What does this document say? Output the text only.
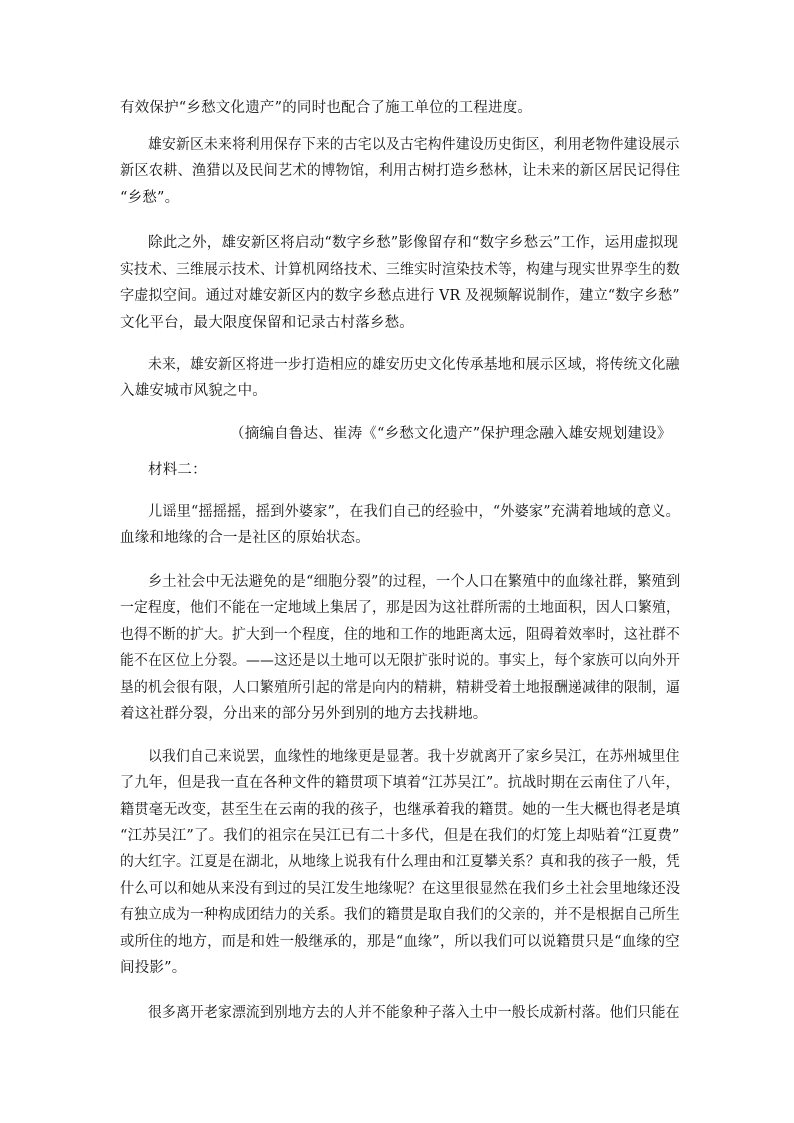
有效保护“乡愁文化遗产”的同时也配合了施工单位的工程进度。
雄安新区未来将利用保存下来的古宅以及古宅构件建设历史街区，利用老物件建设展示
新区农耕、渔猎以及民间艺术的博物馆，利用古树打造乡愁林，让未来的新区居民记得住
“乡愁”。
除此之外，雄安新区将启动“数字乡愁”影像留存和“数字乡愁云”工作，运用虚拟现
实技术、三维展示技术、计算机网络技术、三维实时渲染技术等，构建与现实世界孪生的数
字虚拟空间。通过对雄安新区内的数字乡愁点进行 VR 及视频解说制作，建立“数字乡愁”
文化平台，最大限度保留和记录古村落乡愁。
未来，雄安新区将进一步打造相应的雄安历史文化传承基地和展示区域，将传统文化融
入雄安城市风貌之中。
（摘编自鲁达、崔涛《“乡愁文化遗产”保护理念融入雄安规划建设》
材料二：
儿谣里“摇摇摇，摇到外婆家”，在我们自己的经验中，“外婆家”充满着地域的意义。
血缘和地缘的合一是社区的原始状态。
乡土社会中无法避免的是“细胞分裂”的过程，一个人口在繁殖中的血缘社群，繁殖到
一定程度，他们不能在一定地域上集居了，那是因为这社群所需的土地面积，因人口繁殖，
也得不断的扩大。扩大到一个程度，住的地和工作的地距离太远，阻碍着效率时，这社群不
能不在区位上分裂。——这还是以土地可以无限扩张时说的。事实上，每个家族可以向外开
垦的机会很有限，人口繁殖所引起的常是向内的精耕，精耕受着土地报酬递减律的限制，逼
着这社群分裂，分出来的部分另外到别的地方去找耕地。
以我们自己来说罢，血缘性的地缘更是显著。我十岁就离开了家乡吴江，在苏州城里住
了九年，但是我一直在各种文件的籍贯项下填着“江苏吴江”。抗战时期在云南住了八年，
籍贯毫无改变，甚至生在云南的我的孩子，也继承着我的籍贯。她的一生大概也得老是填
“江苏吴江”了。我们的祖宗在吴江已有二十多代，但是在我们的灯笼上却贴着“江夏费”
的大红字。江夏是在湖北，从地缘上说我有什么理由和江夏攀关系？真和我的孩子一般，凭
什么可以和她从来没有到过的吴江发生地缘呢？在这里很显然在我们乡土社会里地缘还没
有独立成为一种构成团结力的关系。我们的籍贯是取自我们的父亲的，并不是根据自己所生
或所住的地方，而是和姓一般继承的，那是“血缘”，所以我们可以说籍贯只是“血缘的空
间投影”。
很多离开老家漂流到别地方去的人并不能象种子落入土中一般长成新村落。他们只能在
